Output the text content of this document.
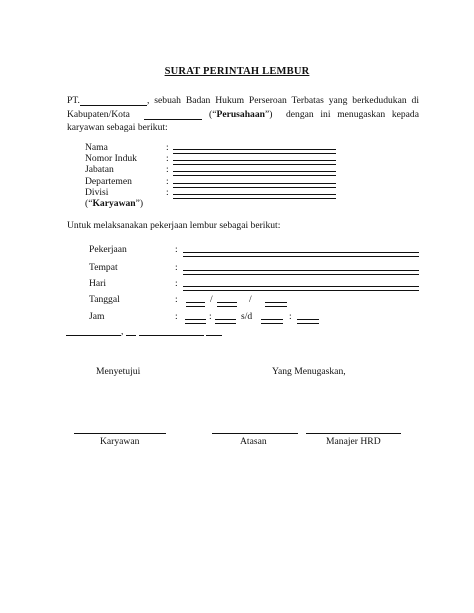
SURAT PERINTAH LEMBUR
PT.	, sebuah Badan Hukum Perseroan Terbatas yang berkedudukan di
Kabupaten/Kota	(“Perusahaan”) dengan ini menugaskan kepada
karyawan sebagai berikut:
Nama	:
Nomor Induk	:
Jabatan	:
Departemen	:
Divisi	:
(“Karyawan”)
Untuk melaksanakan pekerjaan lembur sebagai berikut:
Pekerjaan	:
Tempat	:
Hari	:
Tanggal	:	/	/
Jam	:	:	s/d	:
,
Menyetujui	Yang Menugaskan,
Karyawan	Atasan	Manajer HRD
